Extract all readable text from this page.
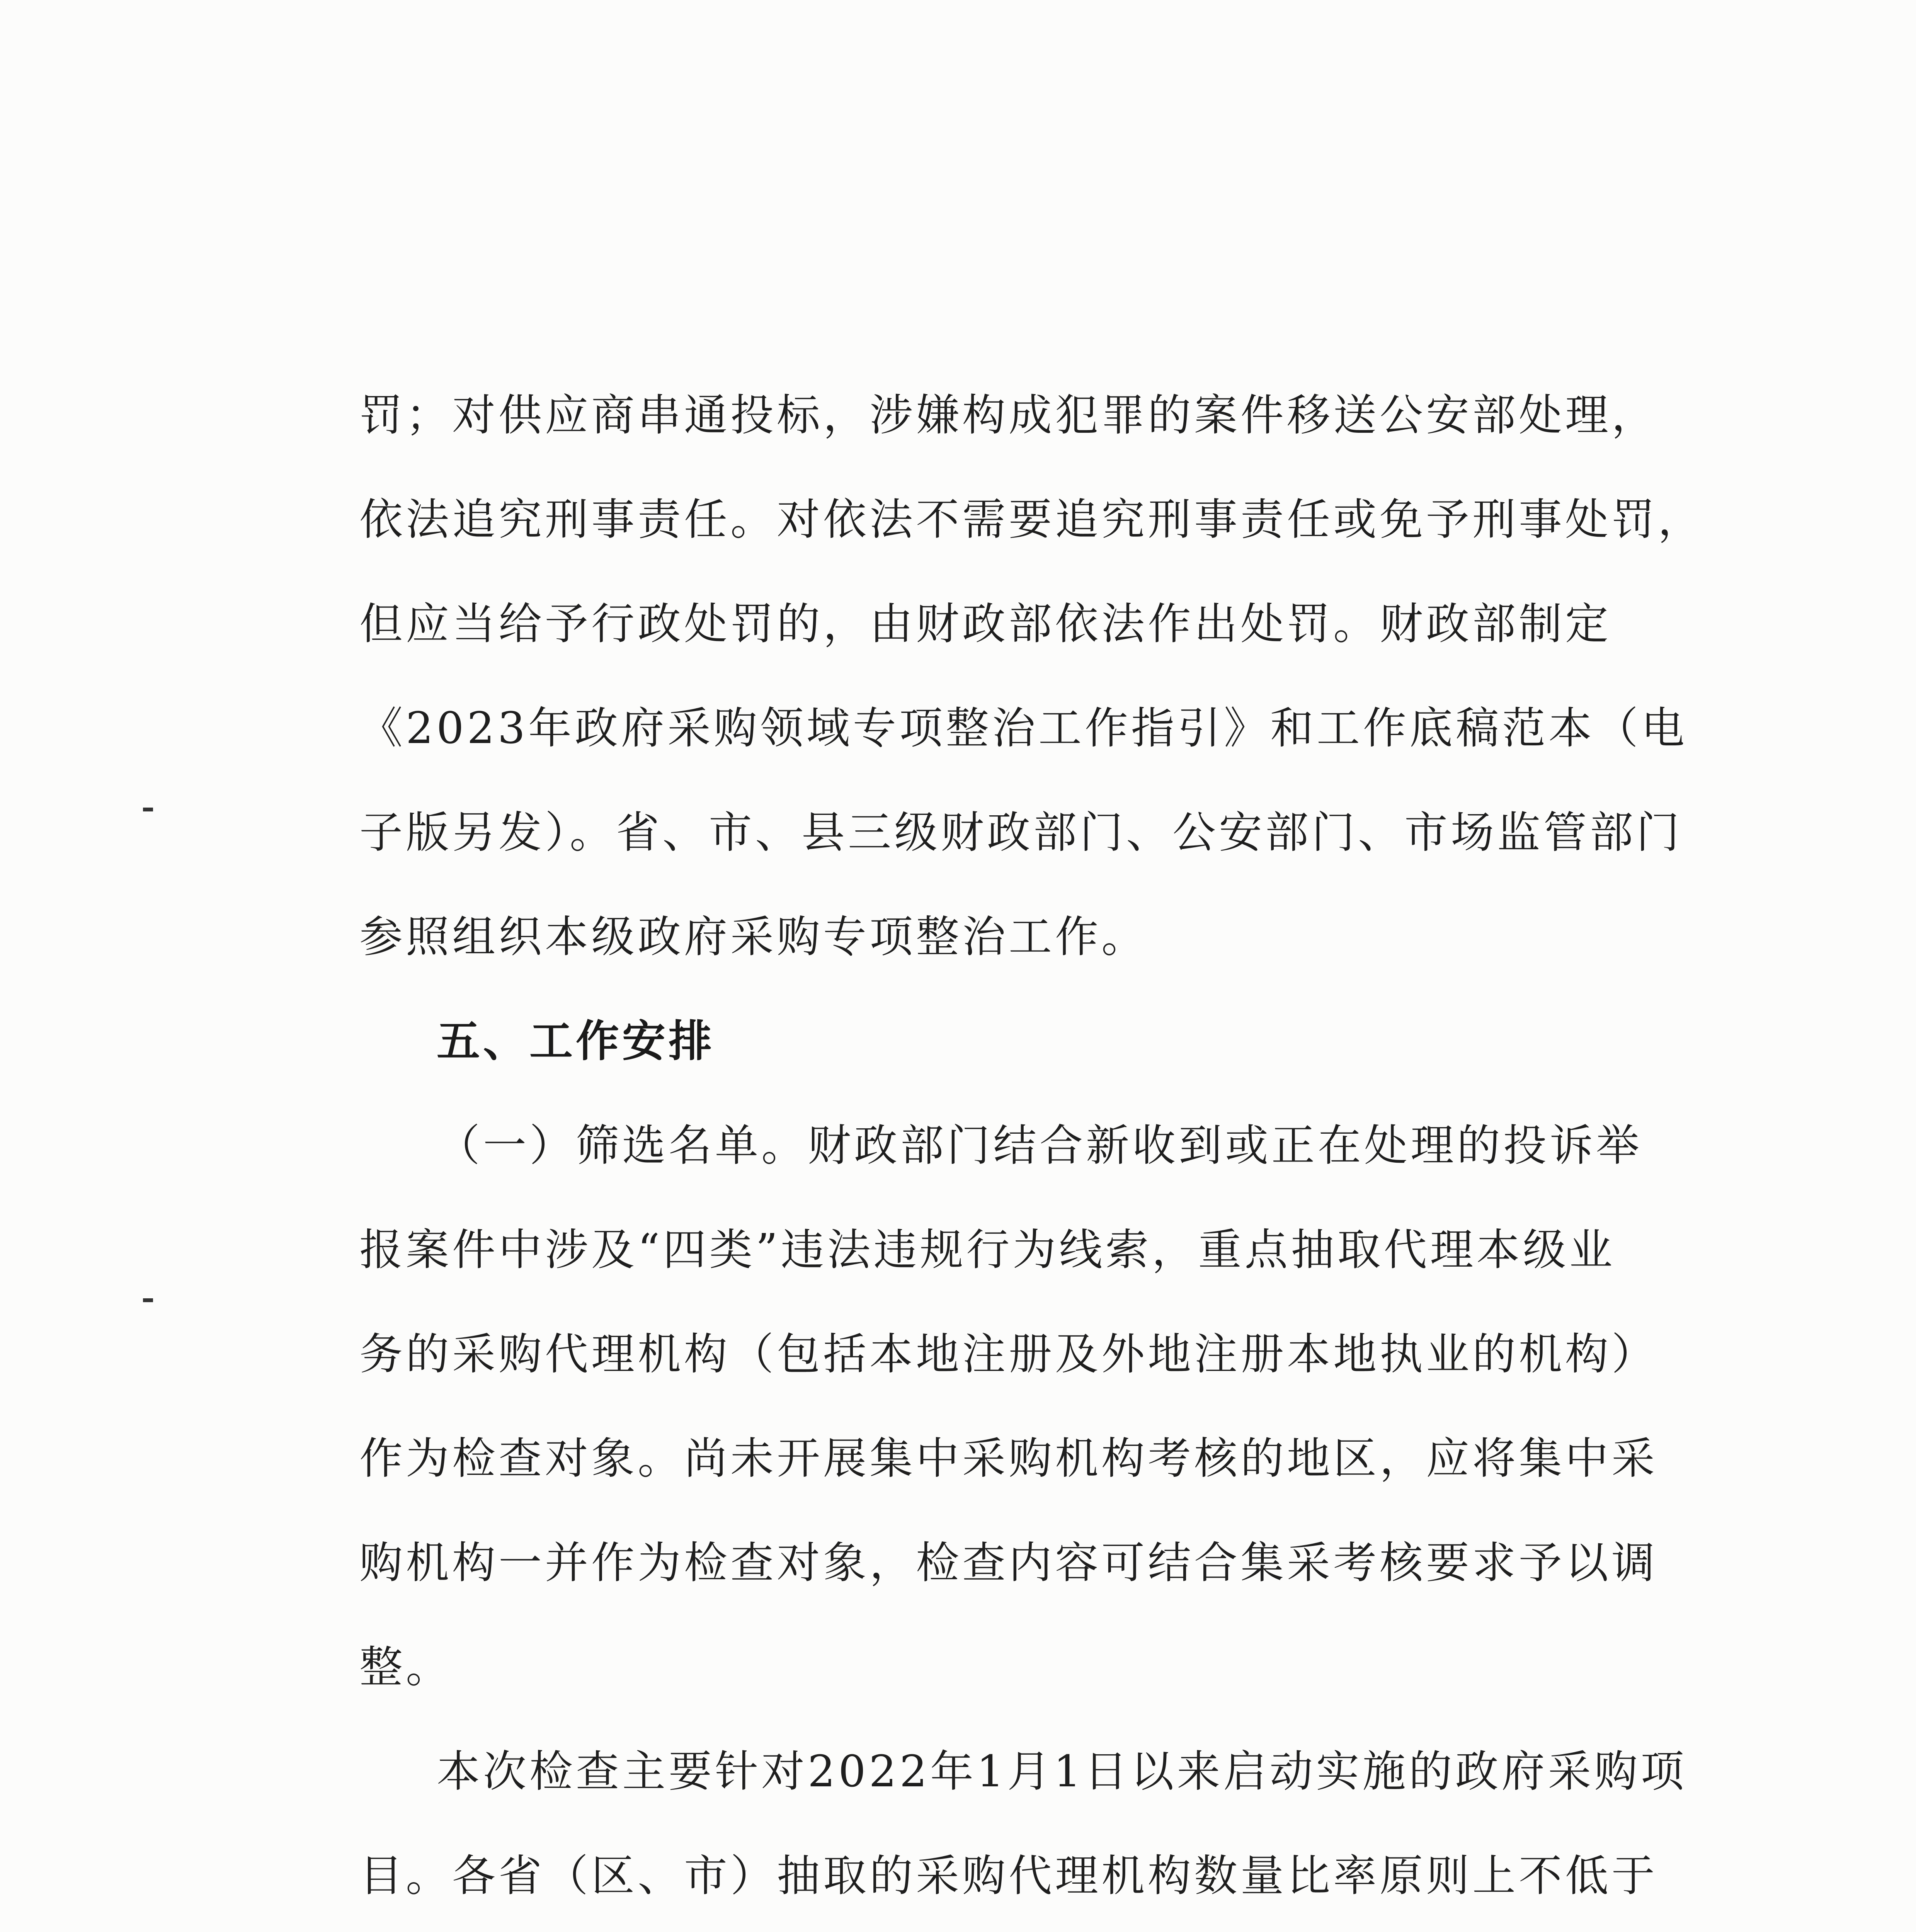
罚；对供应商串通投标，涉嫌构成犯罪的案件移送公安部处理，
依法追究刑事责任。对依法不需要追究刑事责任或免予刑事处罚，
但应当给予行政处罚的，由财政部依法作出处罚。财政部制定
《2023年政府采购领域专项整治工作指引》和工作底稿范本（电
子版另发）。省、市、县三级财政部门、公安部门、市场监管部门
参照组织本级政府采购专项整治工作。
五、工作安排
（一）筛选名单。财政部门结合新收到或正在处理的投诉举
报案件中涉及“四类”违法违规行为线索，重点抽取代理本级业
务的采购代理机构（包括本地注册及外地注册本地执业的机构）
作为检查对象。尚未开展集中采购机构考核的地区，应将集中采
购机构一并作为检查对象，检查内容可结合集采考核要求予以调
整。
本次检查主要针对2022年1月1日以来启动实施的政府采购项
目。各省（区、市）抽取的采购代理机构数量比率原则上不低于
